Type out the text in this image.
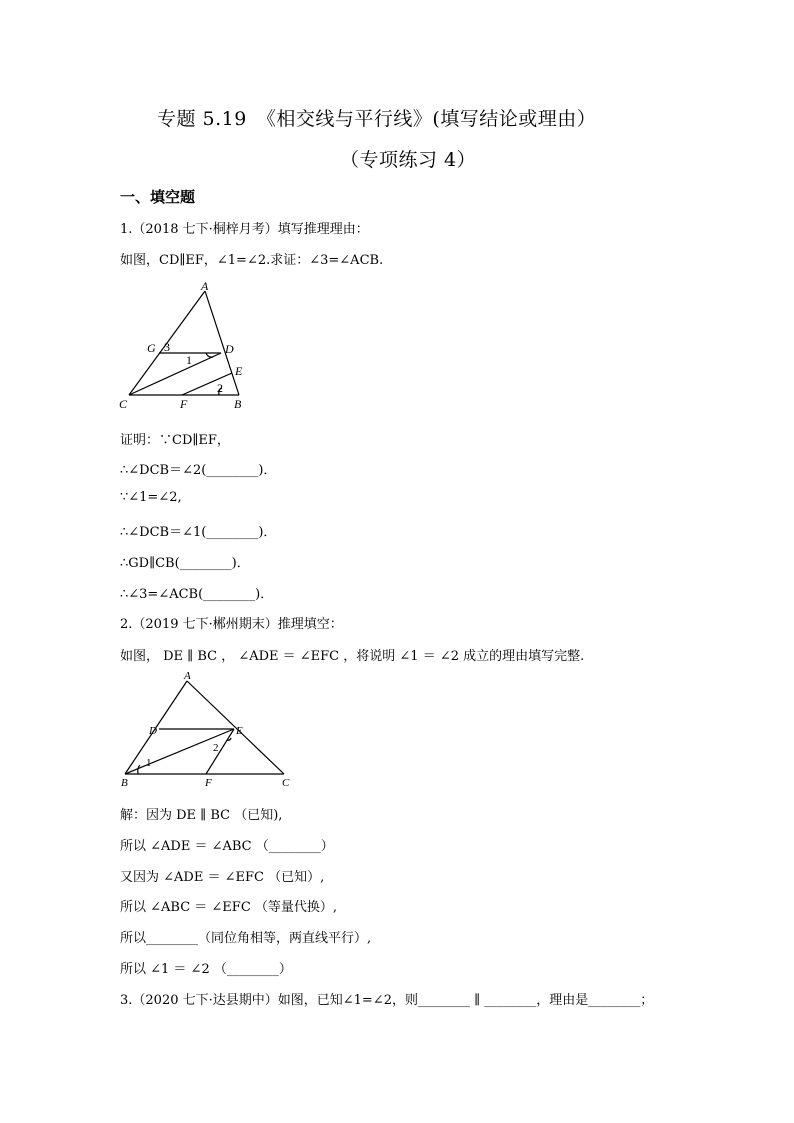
专题 5.19　《相交线与平行线》(填写结论或理由）
（专项练习 4）
一、填空题
1.（2018 七下·桐梓月考）填写推理理由：
如图，CD∥EF，∠1=∠2.求证：∠3=∠ACB.
A
G 3	D
1
E
2
C	F	B
证明：∵CD∥EF，
∴∠DCB＝∠2(________)．
∵∠1=∠2,
∴∠DCB＝∠1(________)．
∴GD∥CB(________)．
∴∠3=∠ACB(________)．
2.（2019 七下·郴州期末）推理填空：
如图， DE ∥ BC ， ∠ADE ＝ ∠EFC ，将说明 ∠1 ＝ ∠2 成立的理由填写完整.
A
D	E
2
1
B	F	C
解：因为 DE ∥ BC （已知),
所以 ∠ADE ＝ ∠ABC （________）
又因为 ∠ADE ＝ ∠EFC （已知）,
所以 ∠ABC ＝ ∠EFC （等量代换）,
所以________（同位角相等，两直线平行）,
所以 ∠1 ＝ ∠2 （________）
3.（2020 七下·达县期中）如图，已知∠1=∠2，则________ ∥ ________，理由是________；
